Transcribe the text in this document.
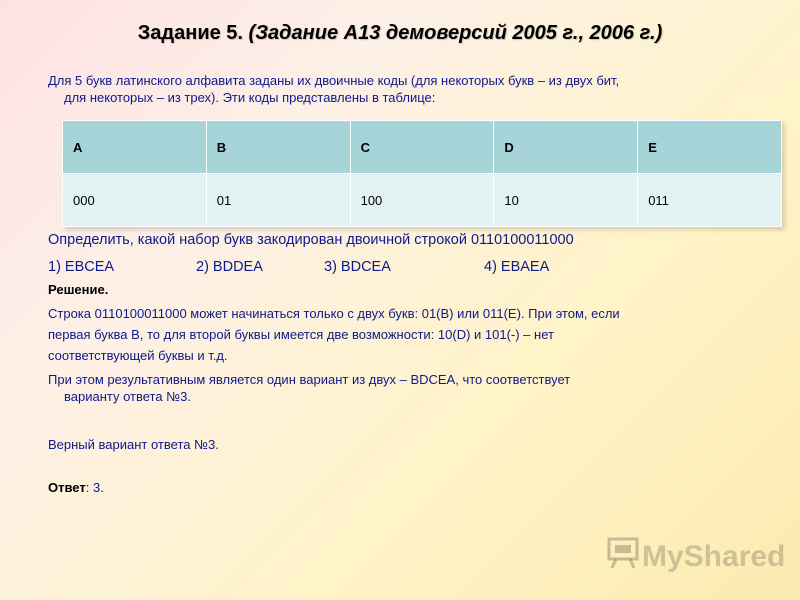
Задание 5. (Задание А13 демоверсий 2005 г., 2006 г.)
Для 5 букв латинского алфавита заданы их двоичные коды (для некоторых букв – из двух бит,
для некоторых – из трех). Эти коды представлены в таблице:
A	B	C	D	E
000	01	100	10	011
Определить, какой набор букв закодирован двоичной строкой 0110100011000
1) EBCEA	2) BDDEA	3) BDCEA	4) EBAEA
Решение.
Строка 0110100011000 может начинаться только с двух букв: 01(B) или 011(E). При этом, если
первая буква B, то для второй буквы имеется две возможности: 10(D) и 101(-) – нет
соответствующей буквы и т.д.
При этом результативным является один вариант из двух – BDCEA, что соответствует
варианту ответа №3.
Верный вариант ответа №3.
Ответ: 3.
MyShared
